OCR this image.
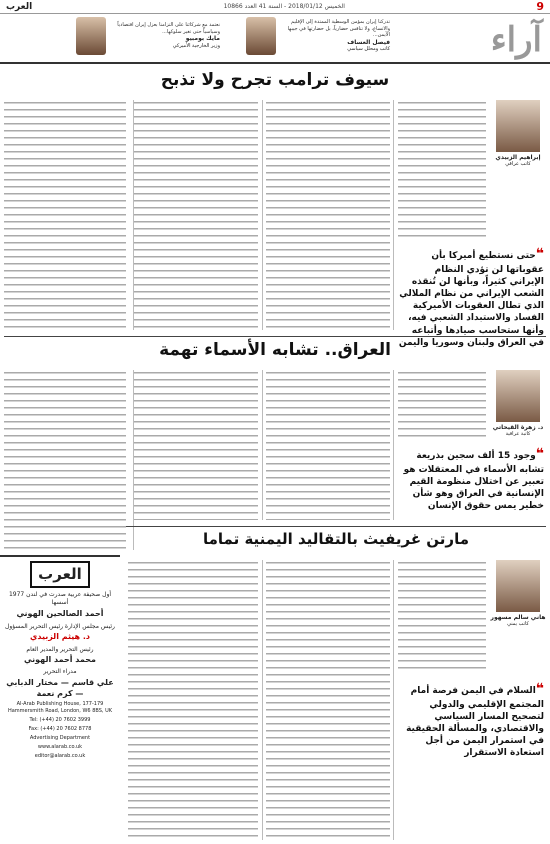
9
الخميس 2018/01/12 - السنة 41 العدد 10866
العرب
آراء
تدركنا إيران بمؤمن الوسطية الممتدة إلى الإقليم والاتساع، ولا تنافس حضارياً، بل حضارتها في جيبها الأيمن...
فيصل العساف
كاتب ومحلل سياسي
نعتمد مع شركائنا على التزامنا بعزل إيران اقتصادياً وسياسياً حتى تغير سلوكها...
مايك بومبيو
وزير الخارجية الأميركي
سيوف ترامب تجرح ولا تذبح
إبراهيم الزبيدي
كاتب عراقي
❝حتى نستطيع أميركا بأن عقوباتها لن تؤدي النظام الإيراني كثيراً، وبأنها لن تُنقذه الشعب الإيراني من نظام الملالي الذي تطال العقوبات الأميركية الفساد والاستبداد الشعبي فيه، وأنها ستحاسب صيادها وأتباعه في العراق ولبنان وسوريا واليمن
العراق.. تشابه الأسماء تهمة
د. زهرة القيحاتي
كاتبة عراقية
❝وجود 15 ألف سجين بذريعة تشابه الأسماء في المعتقلات هو تعبير عن اختلال منظومة القيم الإنسانية في العراق وهو شأن خطير يمس حقوق الإنسان
مارتن غريفيث بالتقاليد اليمنية تماما
هاني سالم مسهور
كاتب يمني
❝السلام في اليمن فرصة أمام المجتمع الإقليمي والدولي لتصحيح المسار السياسي والاقتصادي، والمسألة الحقيقية في استمرار اليمن من أجل استعادة الاستقرار
العرب
أول صحيفة عربية صدرت في لندن 1977
أسسها
أحمد الصالحين الهوني
رئيس مجلس الإدارة رئيس التحرير المسؤول
د. هيثم الزبيدي
رئيس التحرير والمدير العام
محمد أحمد الهوني
مدراء التحرير
علي قاسم — مختار الدبابي — كرم نعمة
Al-Arab Publishing House, 177-179 Hammersmith Road, London, W6 8BS, UK
Tel: (+44) 20 7602 3999
Fax: (+44) 20 7602 8778
Advertising Department
www.alarab.co.uk
editor@alarab.co.uk
